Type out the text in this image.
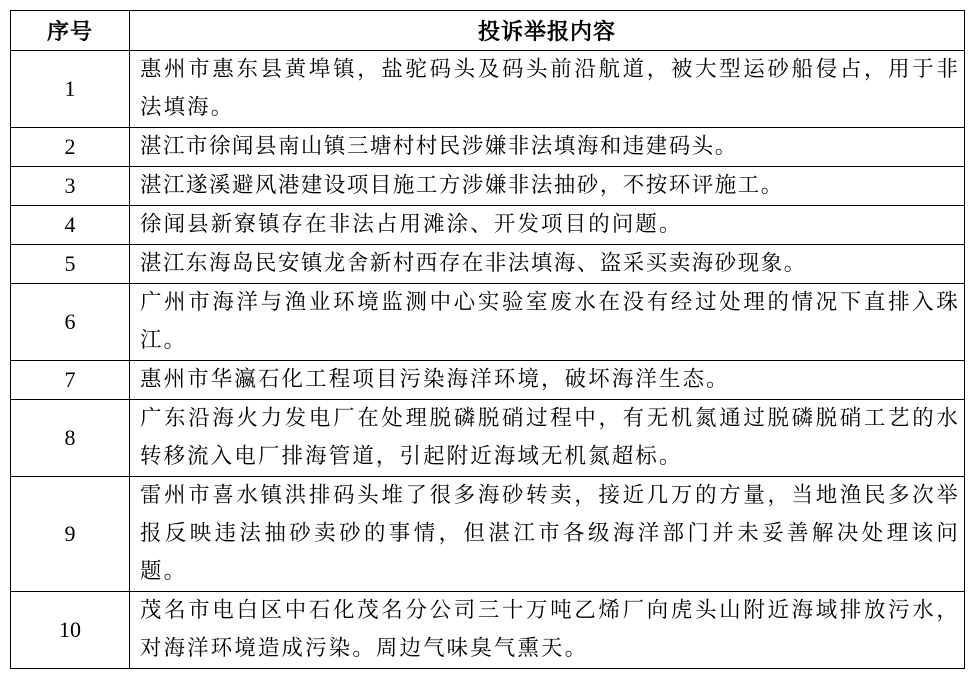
序号	投诉举报内容
1	惠州市惠东县黄埠镇，盐驼码头及码头前沿航道，被大型运砂船侵占，用于非法填海。
2	湛江市徐闻县南山镇三塘村村民涉嫌非法填海和违建码头。
3	湛江遂溪避风港建设项目施工方涉嫌非法抽砂，不按环评施工。
4	徐闻县新寮镇存在非法占用滩涂、开发项目的问题。
5	湛江东海岛民安镇龙舍新村西存在非法填海、盗采买卖海砂现象。
6	广州市海洋与渔业环境监测中心实验室废水在没有经过处理的情况下直排入珠江。
7	惠州市华瀛石化工程项目污染海洋环境，破坏海洋生态。
8	广东沿海火力发电厂在处理脱磷脱硝过程中，有无机氮通过脱磷脱硝工艺的水转移流入电厂排海管道，引起附近海域无机氮超标。
9	雷州市喜水镇洪排码头堆了很多海砂转卖，接近几万的方量，当地渔民多次举报反映违法抽砂卖砂的事情，但湛江市各级海洋部门并未妥善解决处理该问题。
10	茂名市电白区中石化茂名分公司三十万吨乙烯厂向虎头山附近海域排放污水，对海洋环境造成污染。周边气味臭气熏天。
